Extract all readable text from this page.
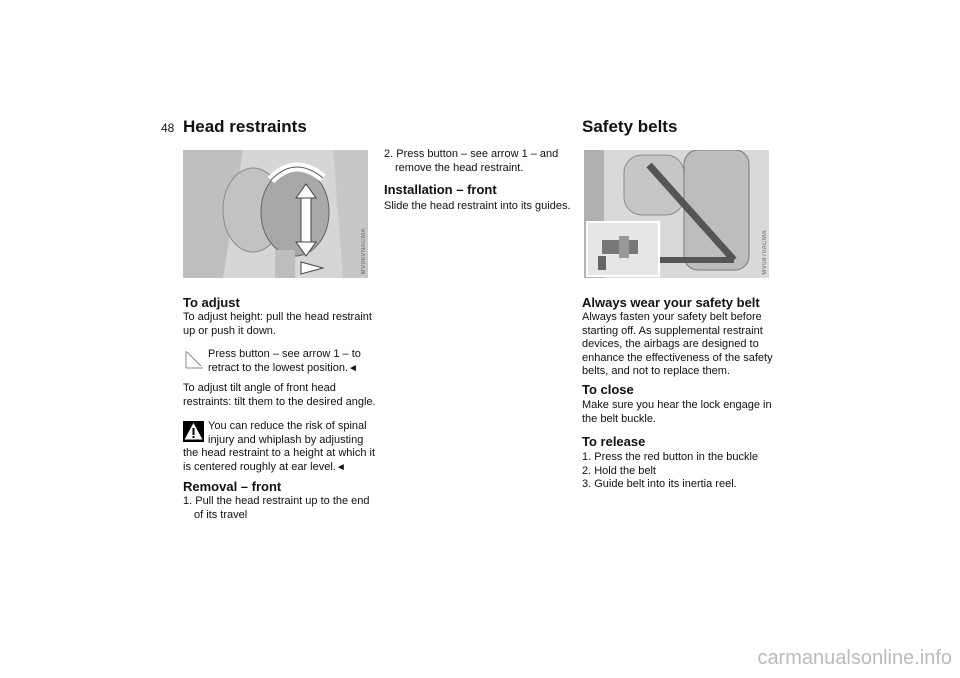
48 Head restraints
MV06VNACMA
To adjust
To adjust height: pull the head restraint
up or push it down.
Press button – see arrow 1 – to
retract to the lowest position.◄
To adjust tilt angle of front head
restraints: tilt them to the desired angle.
You can reduce the risk of spinal
injury and whiplash by adjusting
the head restraint to a height at which it
is centered roughly at ear level.◄
Removal – front
1. Pull the head restraint up to the end
of its travel
2. Press button – see arrow 1 – and
remove the head restraint.
Installation – front
Slide the head restraint into its guides.
Safety belts
MV0870ACMA
Always wear your safety belt
Always fasten your safety belt before
starting off. As supplemental restraint
devices, the airbags are designed to
enhance the effectiveness of the safety
belts, and not to replace them.
To close
Make sure you hear the lock engage in
the belt buckle.
To release
1. Press the red button in the buckle
2. Hold the belt
3. Guide belt into its inertia reel.
carmanualsonline.info
